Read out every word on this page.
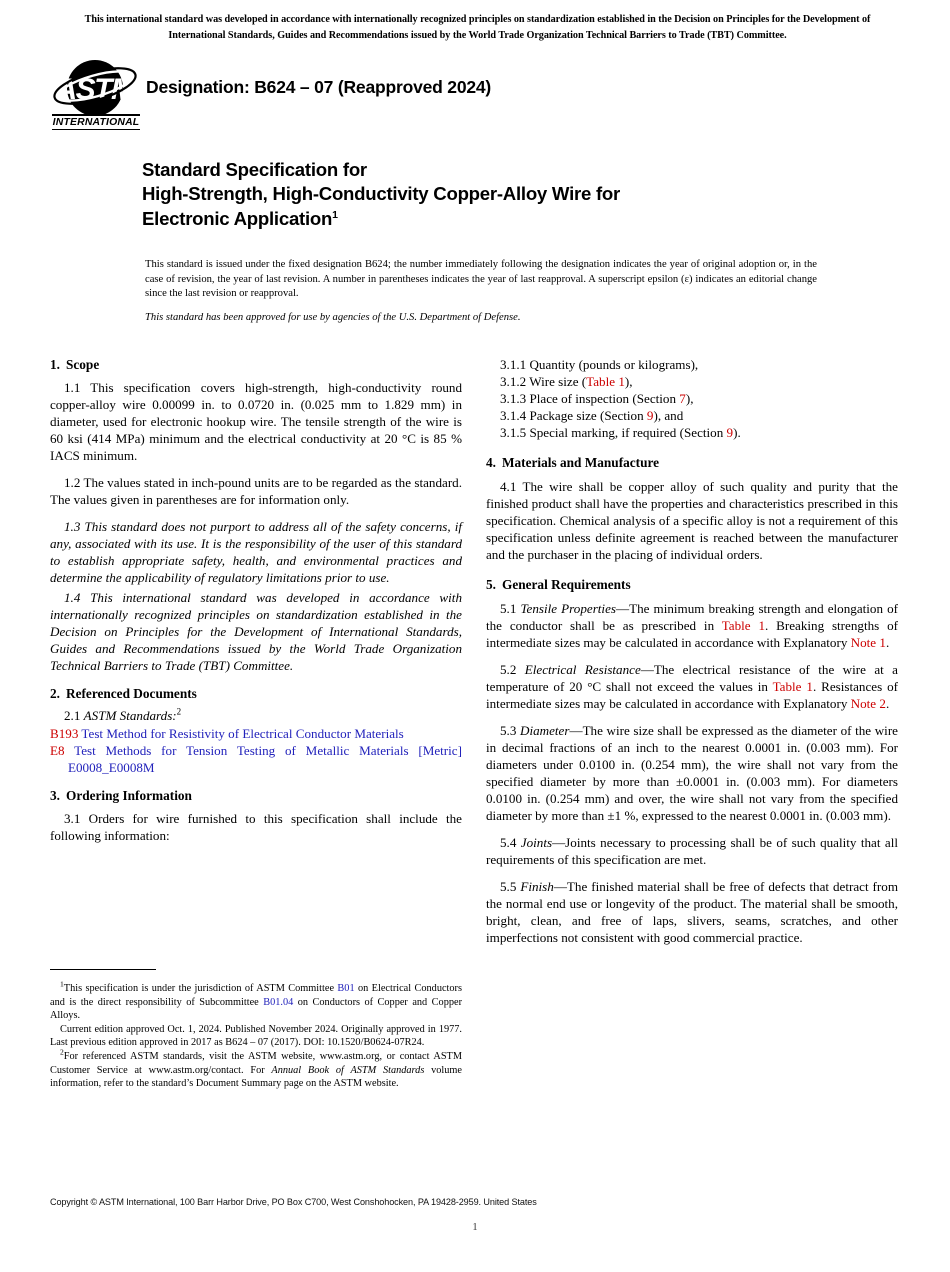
This international standard was developed in accordance with internationally recognized principles on standardization established in the Decision on Principles for the Development of International Standards, Guides and Recommendations issued by the World Trade Organization Technical Barriers to Trade (TBT) Committee.
ASTM
INTERNATIONAL
Designation: B624 – 07 (Reapproved 2024)
Standard Specification for
High-Strength, High-Conductivity Copper-Alloy Wire for
Electronic Application$^1$
This standard is issued under the fixed designation B624; the number immediately following the designation indicates the year of original adoption or, in the case of revision, the year of last revision. A number in parentheses indicates the year of last reapproval. A superscript epsilon (ε) indicates an editorial change since the last revision or reapproval.
This standard has been approved for use by agencies of the U.S. Department of Defense.
1. Scope

1.1 This specification covers high-strength, high-conductivity round copper-alloy wire 0.00099 in. to 0.0720 in. (0.025 mm to 1.829 mm) in diameter, used for electronic hookup wire. The tensile strength of the wire is 60 ksi (414 MPa) minimum and the electrical conductivity at 20 °C is 85 % IACS minimum.

1.2 The values stated in inch-pound units are to be regarded as the standard. The values given in parentheses are for information only.

1.3 This standard does not purport to address all of the safety concerns, if any, associated with its use. It is the responsibility of the user of this standard to establish appropriate safety, health, and environmental practices and determine the applicability of regulatory limitations prior to use.

1.4 This international standard was developed in accordance with internationally recognized principles on standardization established in the Decision on Principles for the Development of International Standards, Guides and Recommendations issued by the World Trade Organization Technical Barriers to Trade (TBT) Committee.

2. Referenced Documents

2.1 ASTM Standards:$^2$

B193 Test Method for Resistivity of Electrical Conductor Materials

E8 Test Methods for Tension Testing of Metallic Materials [Metric] E0008_E0008M

3. Ordering Information

3.1 Orders for wire furnished to this specification shall include the following information:

3.1.1 Quantity (pounds or kilograms),

3.1.2 Wire size (Table 1),

3.1.3 Place of inspection (Section 7),

3.1.4 Package size (Section 9), and

3.1.5 Special marking, if required (Section 9).

4. Materials and Manufacture

4.1 The wire shall be copper alloy of such quality and purity that the finished product shall have the properties and characteristics prescribed in this specification. Chemical analysis of a specific alloy is not a requirement of this specification unless definite agreement is reached between the manufacturer and the purchaser in the placing of individual orders.

5. General Requirements

5.1 Tensile Properties—The minimum breaking strength and elongation of the conductor shall be as prescribed in Table 1. Breaking strengths of intermediate sizes may be calculated in accordance with Explanatory Note 1.

5.2 Electrical Resistance—The electrical resistance of the wire at a temperature of 20 °C shall not exceed the values in Table 1. Resistances of intermediate sizes may be calculated in accordance with Explanatory Note 2.

5.3 Diameter—The wire size shall be expressed as the diameter of the wire in decimal fractions of an inch to the nearest 0.0001 in. (0.003 mm). For diameters under 0.0100 in. (0.254 mm), the wire shall not vary from the specified diameter by more than ±0.0001 in. (0.003 mm). For diameters 0.0100 in. (0.254 mm) and over, the wire shall not vary from the specified diameter by more than ±1 %, expressed to the nearest 0.0001 in. (0.003 mm).

5.4 Joints—Joints necessary to processing shall be of such quality that all requirements of this specification are met.

5.5 Finish—The finished material shall be free of defects that detract from the normal end use or longevity of the product. The material shall be smooth, bright, clean, and free of laps, slivers, seams, scratches, and other imperfections not consistent with good commercial practice.

$^1$This specification is under the jurisdiction of ASTM Committee B01 on Electrical Conductors and is the direct responsibility of Subcommittee B01.04 on Conductors of Copper and Copper Alloys.

Current edition approved Oct. 1, 2024. Published November 2024. Originally approved in 1977. Last previous edition approved in 2017 as B624 – 07 (2017). DOI: 10.1520/B0624-07R24.

$^2$For referenced ASTM standards, visit the ASTM website, www.astm.org, or contact ASTM Customer Service at www.astm.org/contact. For Annual Book of ASTM Standards volume information, refer to the standard’s Document Summary page on the ASTM website.

Copyright © ASTM International, 100 Barr Harbor Drive, PO Box C700, West Conshohocken, PA 19428-2959. United States
1
